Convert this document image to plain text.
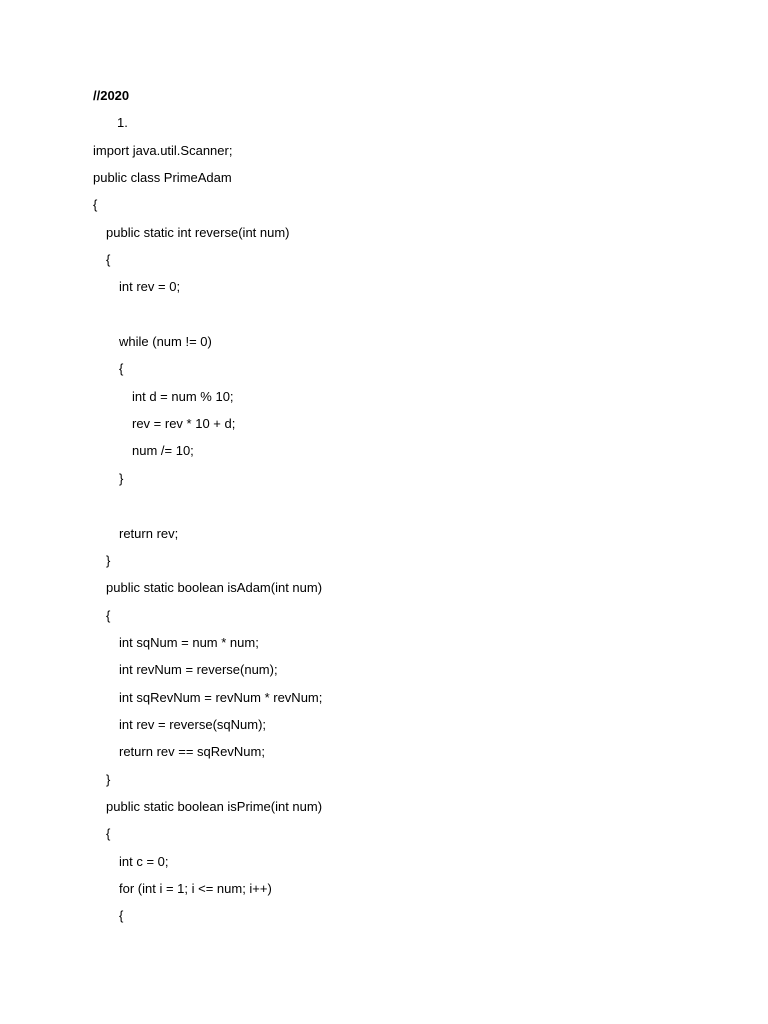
//2020
1.
import java.util.Scanner;
public class PrimeAdam
{
public static int reverse(int num)
{
int rev = 0;
while (num != 0)
{
int d = num % 10;
rev = rev * 10 + d;
num /= 10;
}
return rev;
}
public static boolean isAdam(int num)
{
int sqNum = num * num;
int revNum = reverse(num);
int sqRevNum = revNum * revNum;
int rev = reverse(sqNum);
return rev == sqRevNum;
}
public static boolean isPrime(int num)
{
int c = 0;
for (int i = 1; i <= num; i++)
{
